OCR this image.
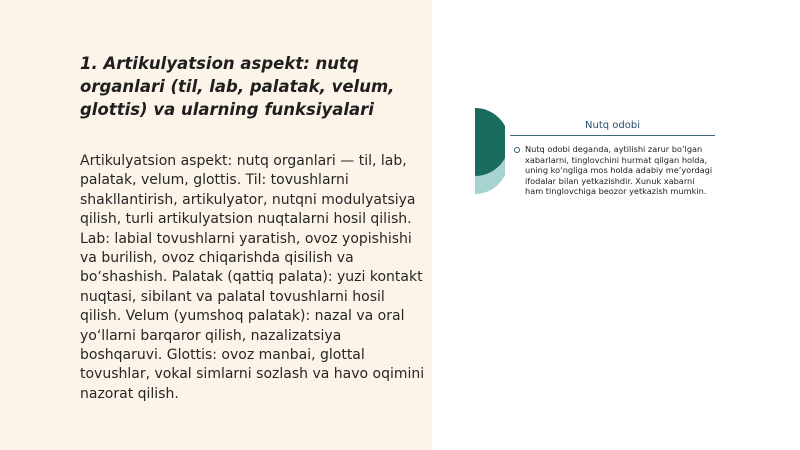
1. Artikulyatsion aspekt: nutq organlari (til, lab, palatak, velum, glottis) va ularning funksiyalari

Artikulyatsion aspekt: nutq organlari — til, lab, palatak, velum, glottis. Til: tovushlarni shakllantirish, artikulyator, nutqni modulyatsiya qilish, turli artikulyatsion nuqtalarni hosil qilish. Lab: labial tovushlarni yaratish, ovoz yopishishi va burilish, ovoz chiqarishda qisilish va bo‘shashish. Palatak (qattiq palata): yuzi kontakt nuqtasi, sibilant va palatal tovushlarni hosil qilish. Velum (yumshoq palatak): nazal va oral yo‘llarni barqaror qilish, nazalizatsiya boshqaruvi. Glottis: ovoz manbai, glottal tovushlar, vokal simlarni sozlash va havo oqimini nazorat qilish.

Nutq odobi
Nutq odobi deganda, aytilishi zarur bo‘lgan xabarlarni, tinglovchini hurmat qilgan holda, uning ko‘ngliga mos holda adabiy me’yordagi ifodalar bilan yetkazishdir. Xunuk xabarni ham tinglovchiga beozor yetkazish mumkin.
